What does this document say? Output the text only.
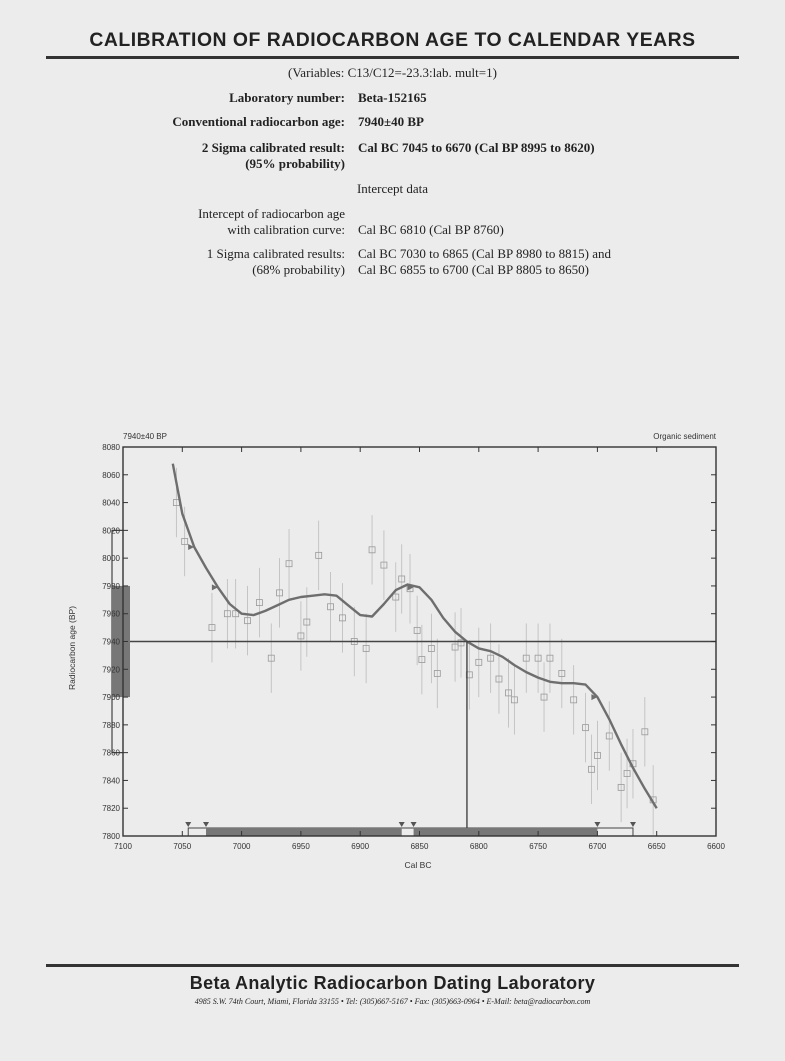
CALIBRATION OF RADIOCARBON AGE TO CALENDAR YEARS
(Variables: C13/C12=-23.3:lab. mult=1)
Laboratory number: Beta-152165
Conventional radiocarbon age: 7940±40 BP
2 Sigma calibrated result:
(95% probability)
Cal BC 7045 to 6670 (Cal BP 8995 to 8620)
Intercept data
Intercept of radiocarbon age
with calibration curve: Cal BC 6810 (Cal BP 8760)
1 Sigma calibrated results:
(68% probability)
Cal BC 7030 to 6865 (Cal BP 8980 to 8815) and
Cal BC 6855 to 6700 (Cal BP 8805 to 8650)
7100	7050	7000	6950	6900	6850	6800	6750	6700	6650	6600
8080
8060
8040
8020
8000
7980
7960
7940
7920
7900
7880
7860
7840
7820
7800
7940±40 BP	Organic sediment
Cal BC
Radiocarbon age (BP)
Beta Analytic Radiocarbon Dating Laboratory
4985 S.W. 74th Court, Miami, Florida 33155 • Tel: (305)667-5167 • Fax: (305)663-0964 • E-Mail: beta@radiocarbon.com
